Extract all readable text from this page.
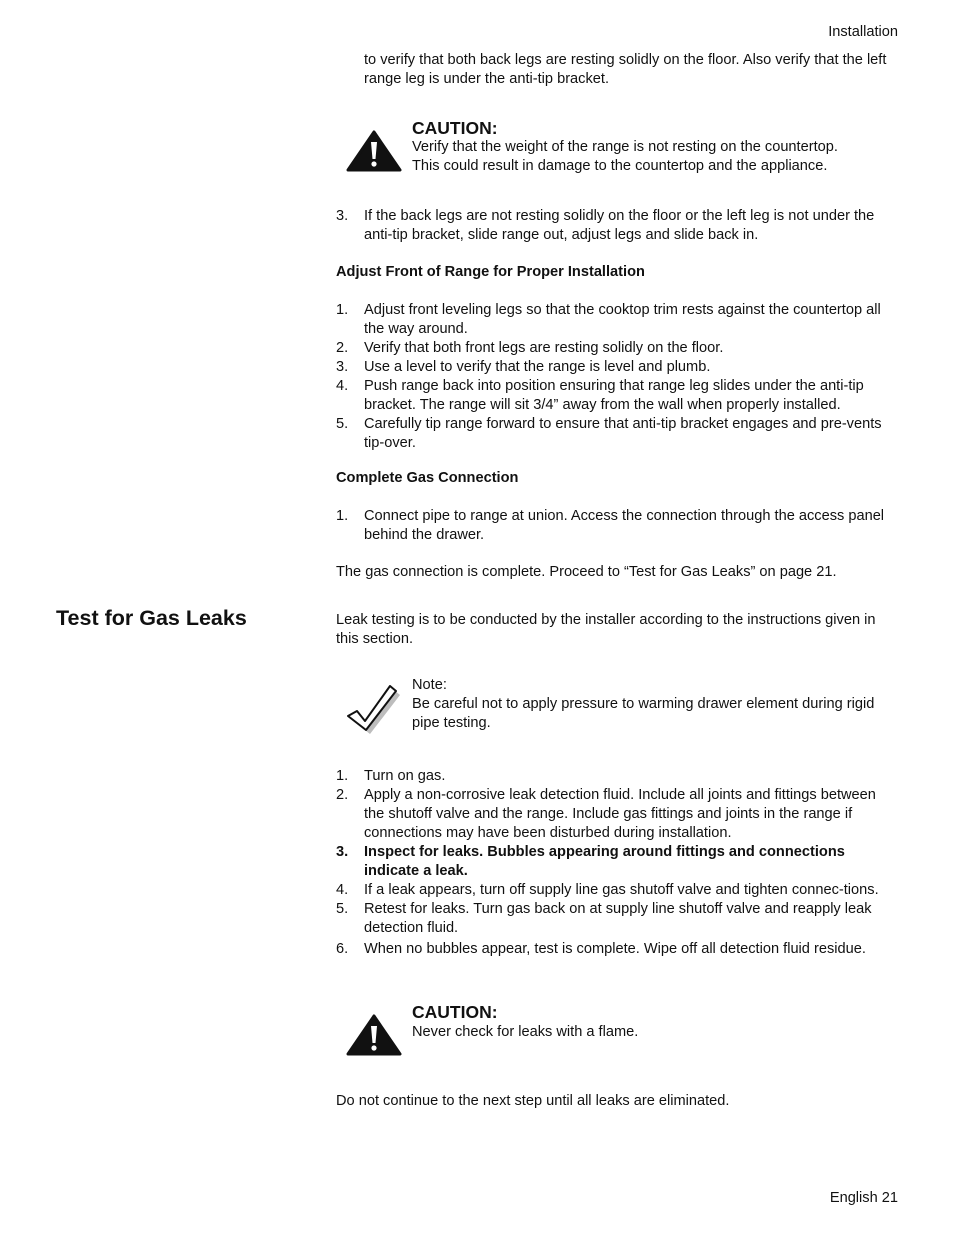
Installation
to verify that both back legs are resting solidly on the floor. Also verify that the left range leg is under the anti-tip bracket.
CAUTION:
Verify that the weight of the range is not resting on the countertop.
This could result in damage to the countertop and the appliance.
3. If the back legs are not resting solidly on the floor or the left leg is not under the anti-tip bracket, slide range out, adjust legs and slide back in.
Adjust Front of Range for Proper Installation
1. Adjust front leveling legs so that the cooktop trim rests against the countertop all the way around.
2. Verify that both front legs are resting solidly on the floor.
3. Use a level to verify that the range is level and plumb.
4. Push range back into position ensuring that range leg slides under the anti-tip bracket. The range will sit 3/4” away from the wall when properly installed.
5. Carefully tip range forward to ensure that anti-tip bracket engages and pre-vents tip-over.
Complete Gas Connection
1. Connect pipe to range at union. Access the connection through the access panel behind the drawer.
The gas connection is complete. Proceed to “Test for Gas Leaks” on page 21.
Test for Gas Leaks	Leak testing is to be conducted by the installer according to the instructions given in this section.
Note:
Be careful not to apply pressure to warming drawer element during rigid pipe testing.
1. Turn on gas.
2. Apply a non-corrosive leak detection fluid. Include all joints and fittings between the shutoff valve and the range. Include gas fittings and joints in the range if connections may have been disturbed during installation.
3. Inspect for leaks. Bubbles appearing around fittings and connections indicate a leak.
4. If a leak appears, turn off supply line gas shutoff valve and tighten connec-tions.
5. Retest for leaks. Turn gas back on at supply line shutoff valve and reapply leak detection fluid.
6. When no bubbles appear, test is complete. Wipe off all detection fluid residue.
CAUTION:
Never check for leaks with a flame.
Do not continue to the next step until all leaks are eliminated.
English 21
